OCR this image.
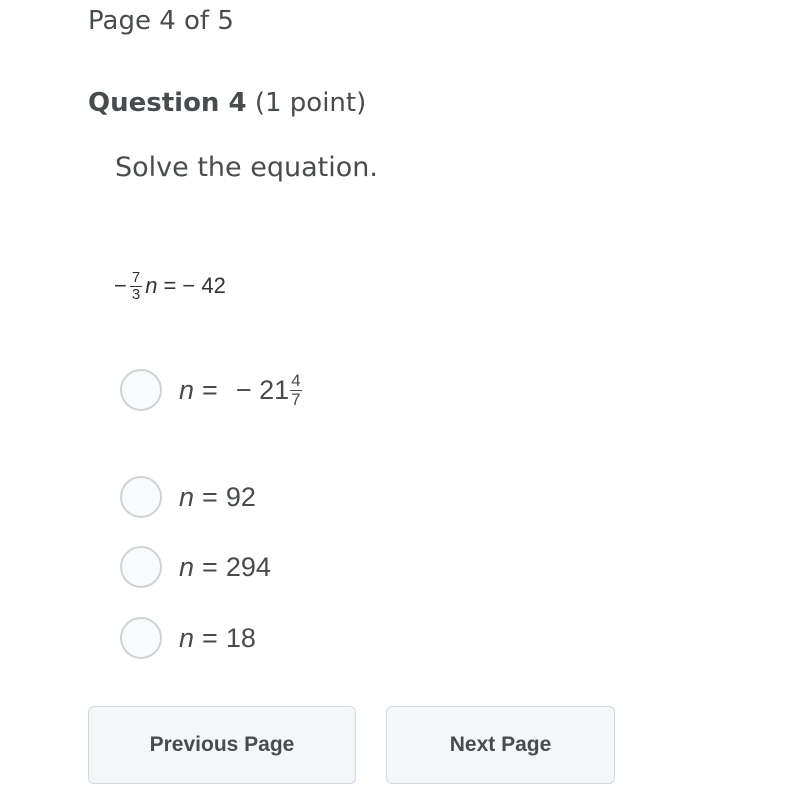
Page 4 of 5
Question 4 (1 point)
Solve the equation.
− $\frac{7}{3}$ n = − 42
n = − $21 \frac{4}{7}$
n = 92
n = 294
n = 18
Previous Page	Next Page
